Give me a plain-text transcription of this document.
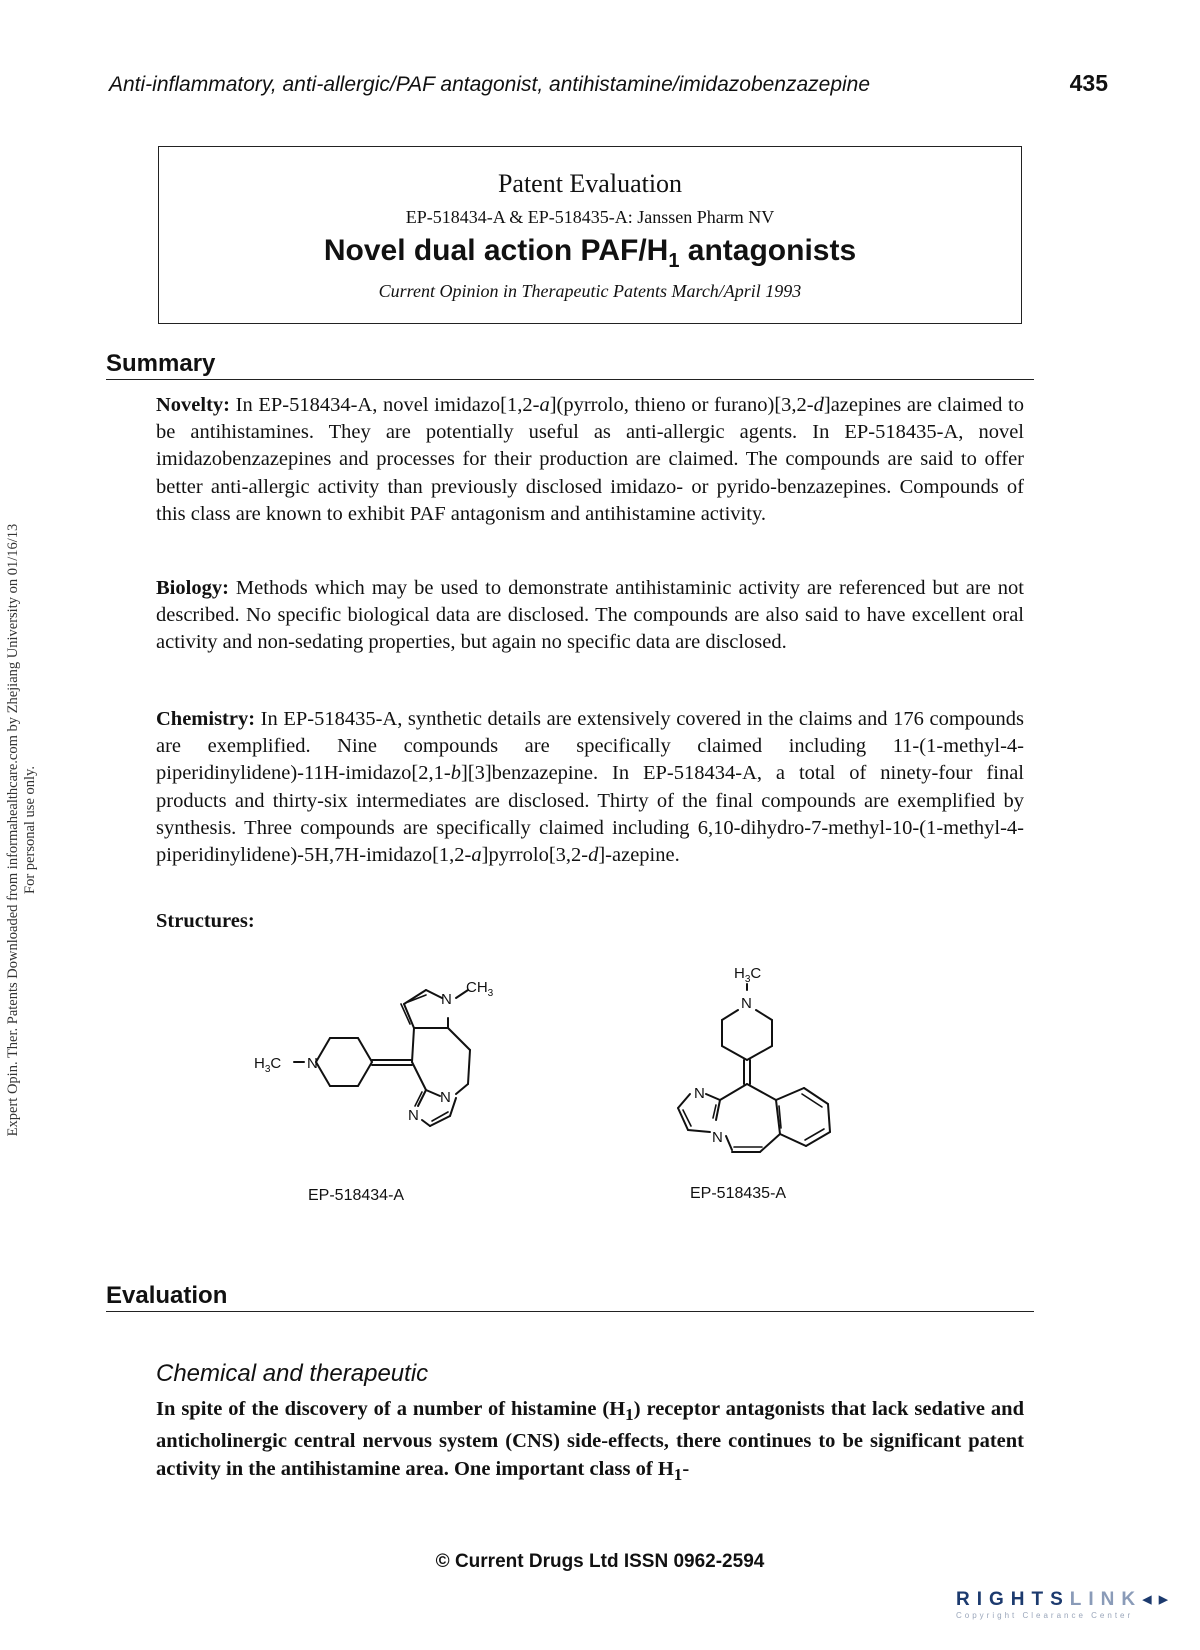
Expert Opin. Ther. Patents Downloaded from informahealthcare.com by Zhejiang University on 01/16/13 For personal use only.
Anti-inflammatory, anti-allergic/PAF antagonist, antihistamine/imidazobenzazepine	435
Patent Evaluation
EP-518434-A & EP-518435-A: Janssen Pharm NV
Novel dual action PAF/$H_1$ antagonists
Current Opinion in Therapeutic Patents March/April 1993
Summary

Novelty: In EP-518434-A, novel imidazo[1,2-a](pyrrolo, thieno or furano)[3,2-d]azepines are claimed to be antihistamines. They are potentially useful as anti-allergic agents. In EP-518435-A, novel imidazobenzazepines and processes for their production are claimed. The compounds are said to offer better anti-allergic activity than previously disclosed imidazo- or pyrido-benzazepines. Compounds of this class are known to exhibit PAF antagonism and antihistamine activity.

Biology: Methods which may be used to demonstrate antihistaminic activity are referenced but are not described. No specific biological data are disclosed. The compounds are also said to have excellent oral activity and non-sedating properties, but again no specific data are disclosed.

Chemistry: In EP-518435-A, synthetic details are extensively covered in the claims and 176 compounds are exemplified. Nine compounds are specifically claimed including 11-(1-methyl-4-piperidinylidene)-11H-imidazo[2,1-b][3]benzazepine. In EP-518434-A, a total of ninety-four final products and thirty-six intermediates are disclosed. Thirty of the final compounds are exemplified by synthesis. Three compounds are specifically claimed including 6,10-dihydro-7-methyl-10-(1-methyl-4-piperidinylidene)-5H,7H-imidazo[1,2-a]pyrrolo[3,2-d]-azepine.

Structures:
$H_3C$ N
N
$CH_3$
N
N
EP-518434-A
$H_3C$
N
N
N
EP-518435-A
Evaluation
Chemical and therapeutic

In spite of the discovery of a number of histamine $(H_1)$ receptor antagonists that lack sedative and anticholinergic central nervous system (CNS) side-effects, there continues to be significant patent activity in the antihistamine area. One important class of $H_1-$

© Current Drugs Ltd ISSN 0962-2594
RIGHTSLINK◂▸
Copyright Clearance Center
